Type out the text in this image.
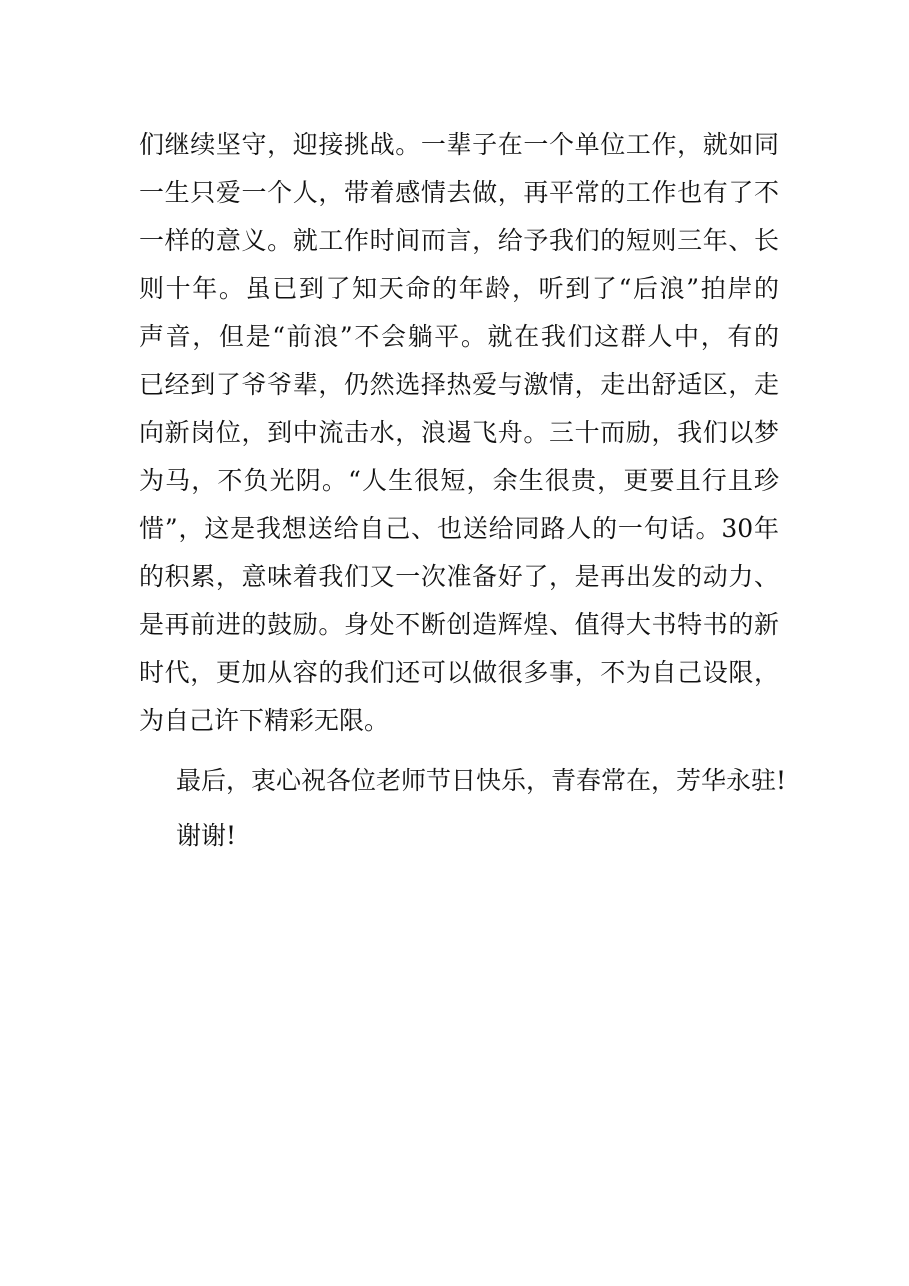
们继续坚守，迎接挑战。一辈子在一个单位工作，就如同
一生只爱一个人，带着感情去做，再平常的工作也有了不
一样的意义。就工作时间而言，给予我们的短则三年、长
则十年。虽已到了知天命的年龄，听到了“后浪”拍岸的
声音，但是“前浪”不会躺平。就在我们这群人中，有的
已经到了爷爷辈，仍然选择热爱与激情，走出舒适区，走
向新岗位，到中流击水，浪遏飞舟。三十而励，我们以梦
为马，不负光阴。“人生很短，余生很贵，更要且行且珍
惜”，这是我想送给自己、也送给同路人的一句话。30年
的积累，意味着我们又一次准备好了，是再出发的动力、
是再前进的鼓励。身处不断创造辉煌、值得大书特书的新
时代，更加从容的我们还可以做很多事，不为自己设限，
为自己许下精彩无限。
最后，衷心祝各位老师节日快乐，青春常在，芳华永驻!
谢谢!
